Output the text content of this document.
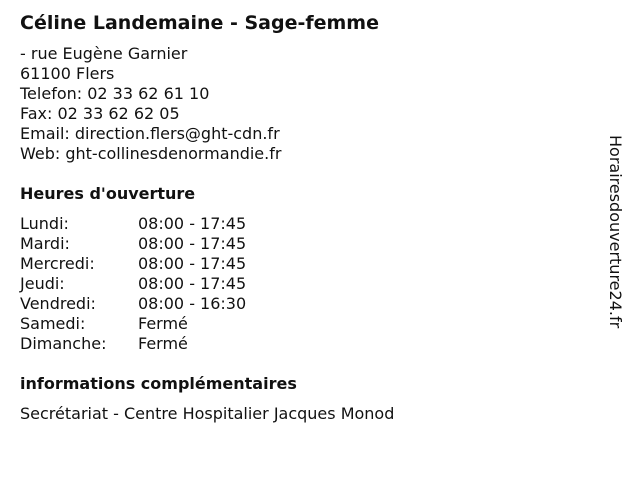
Céline Landemaine - Sage-femme
- rue Eugène Garnier
61100 Flers
Telefon: 02 33 62 61 10
Fax: 02 33 62 62 05
Email: direction.flers@ght-cdn.fr
Web: ght-collinesdenormandie.fr
Heures d'ouverture
Lundi:	08:00 - 17:45
Mardi:	08:00 - 17:45
Mercredi:	08:00 - 17:45
Jeudi:	08:00 - 17:45
Vendredi:	08:00 - 16:30
Samedi:	Fermé
Dimanche:	Fermé
informations complémentaires
Secrétariat - Centre Hospitalier Jacques Monod
Horairesdouverture24.fr
